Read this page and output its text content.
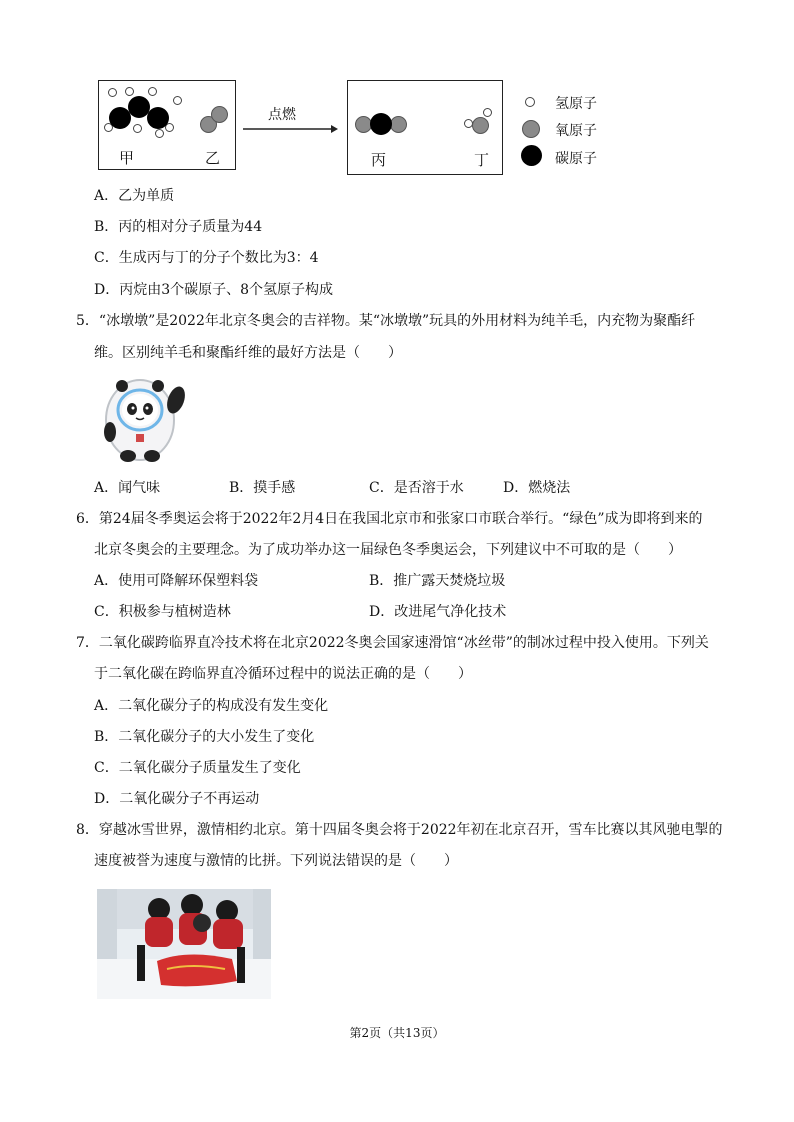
甲	乙
点燃
丙	丁
氢原子
氧原子
碳原子
A．乙为单质
B．丙的相对分子质量为44
C．生成丙与丁的分子个数比为3：4
D．丙烷由3个碳原子、8个氢原子构成
5．“冰墩墩”是2022年北京冬奥会的吉祥物。某“冰墩墩”玩具的外用材料为纯羊毛，内充物为聚酯纤
维。区别纯羊毛和聚酯纤维的最好方法是（　　）
A．闻气味	B．摸手感	C．是否溶于水	D．燃烧法
6．第24届冬季奥运会将于2022年2月4日在我国北京市和张家口市联合举行。“绿色”成为即将到来的
北京冬奥会的主要理念。为了成功举办这一届绿色冬季奥运会，下列建议中不可取的是（　　）
A．使用可降解环保塑料袋	B．推广露天焚烧垃圾
C．积极参与植树造林	D．改进尾气净化技术
7．二氧化碳跨临界直冷技术将在北京2022冬奥会国家速滑馆“冰丝带”的制冰过程中投入使用。下列关
于二氧化碳在跨临界直冷循环过程中的说法正确的是（　　）
A．二氧化碳分子的构成没有发生变化
B．二氧化碳分子的大小发生了变化
C．二氧化碳分子质量发生了变化
D．二氧化碳分子不再运动
8．穿越冰雪世界，激情相约北京。第十四届冬奥会将于2022年初在北京召开，雪车比赛以其风驰电掣的
速度被誉为速度与激情的比拼。下列说法错误的是（　　）
第2页（共13页）
